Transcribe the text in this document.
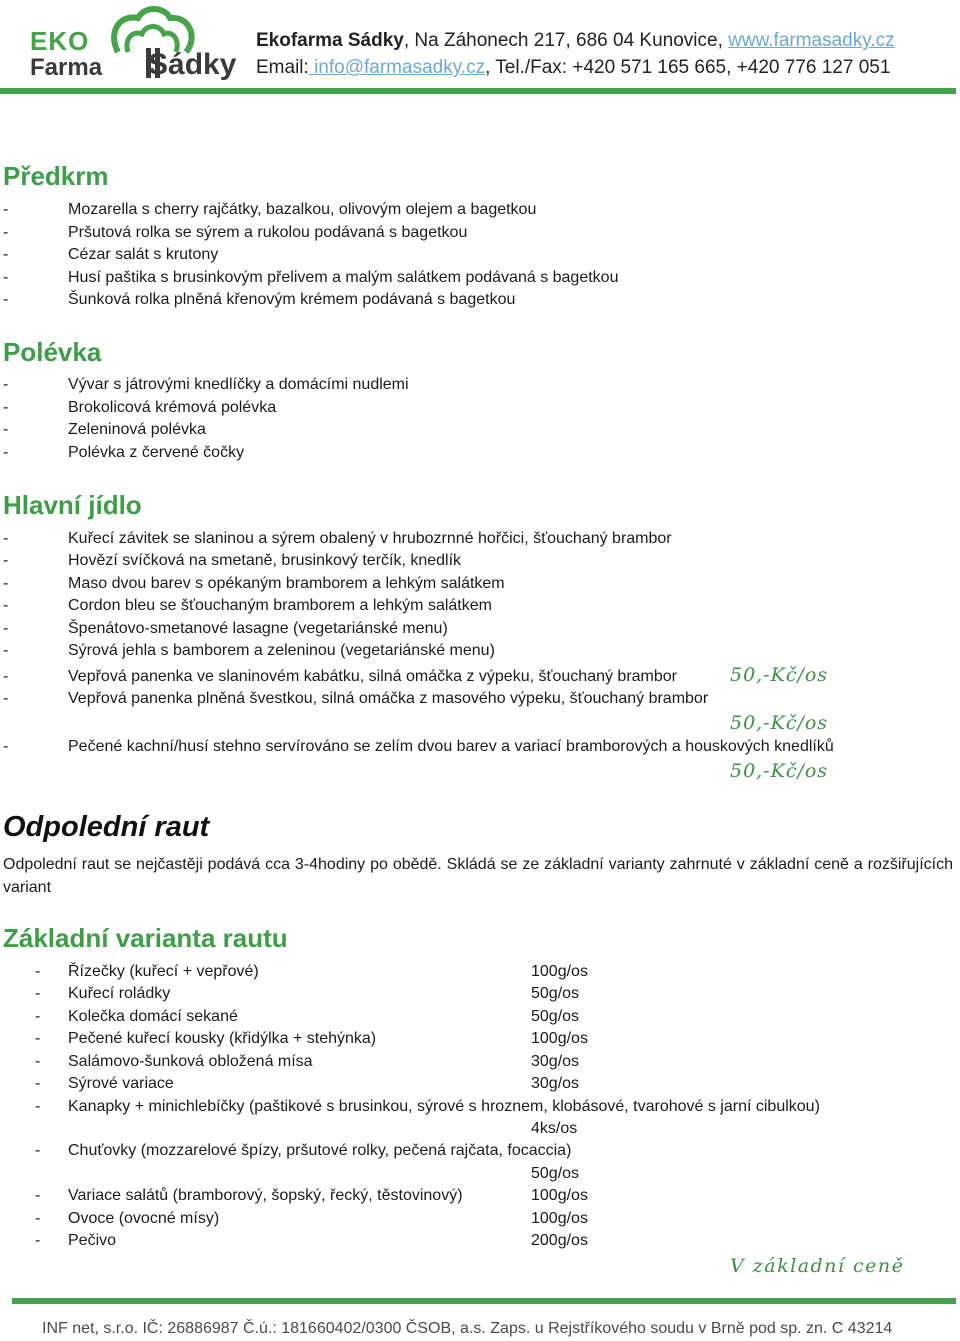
EKO
Farma Sádky
Ekofarma Sádky, Na Záhonech 217, 686 04 Kunovice, www.farmasadky.cz
Email: info@farmasadky.cz, Tel./Fax: +420 571 165 665, +420 776 127 051
Předkrm
-	Mozarella s cherry rajčátky, bazalkou, olivovým olejem a bagetkou
-	Pršutová rolka se sýrem a rukolou podávaná s bagetkou
-	Cézar salát s krutony
-	Husí paštika s brusinkovým přelivem a malým salátkem podávaná s bagetkou
-	Šunková rolka plněná křenovým krémem podávaná s bagetkou
Polévka
-	Vývar s játrovými knedlíčky a domácími nudlemi
-	Brokolicová krémová polévka
-	Zeleninová polévka
-	Polévka z červené čočky
Hlavní jídlo
-	Kuřecí závitek se slaninou a sýrem obalený v hrubozrnné hořčici, šťouchaný brambor
-	Hovězí svíčková na smetaně, brusinkový terčík, knedlík
-	Maso dvou barev s opékaným bramborem a lehkým salátkem
-	Cordon bleu se šťouchaným bramborem a lehkým salátkem
-	Špenátovo-smetanové lasagne (vegetariánské menu)
-	Sýrová jehla s bamborem a zeleninou (vegetariánské menu)
-	Vepřová panenka ve slaninovém kabátku, silná omáčka z výpeku, šťouchaný brambor	50,-Kč/os
-	Vepřová panenka plněná švestkou, silná omáčka z masového výpeku, šťouchaný brambor
50,-Kč/os
-	Pečené kachní/husí stehno servírováno se zelím dvou barev a variací bramborových a houskových knedlíků
50,-Kč/os
Odpolední raut

Odpolední raut se nejčastěji podává cca 3-4hodiny po obědě. Skládá se ze základní varianty zahrnuté v základní ceně a rozšiřujících variant

Základní varianta rautu
- Řízečky (kuřecí + vepřové)	100g/os
- Kuřecí roládky	50g/os
- Kolečka domácí sekané	50g/os
- Pečené kuřecí kousky (křidýlka + stehýnka)	100g/os
- Salámovo-šunková obložená mísa	30g/os
- Sýrové variace	30g/os
- Kanapky + minichlebíčky (paštikové s brusinkou, sýrové s hroznem, klobásové, tvarohové s jarní cibulkou)
4ks/os
- Chuťovky (mozzarelové špízy, pršutové rolky, pečená rajčata, focaccia)
50g/os
- Variace salátů (bramborový, šopský, řecký, těstovinový)	100g/os
- Ovoce (ovocné mísy)	100g/os
- Pečivo	200g/os
V základní ceně
INF net, s.r.o. IČ: 26886987 Č.ú.: 181660402/0300 ČSOB, a.s. Zaps. u Rejstříkového soudu v Brně pod sp. zn. C 43214
